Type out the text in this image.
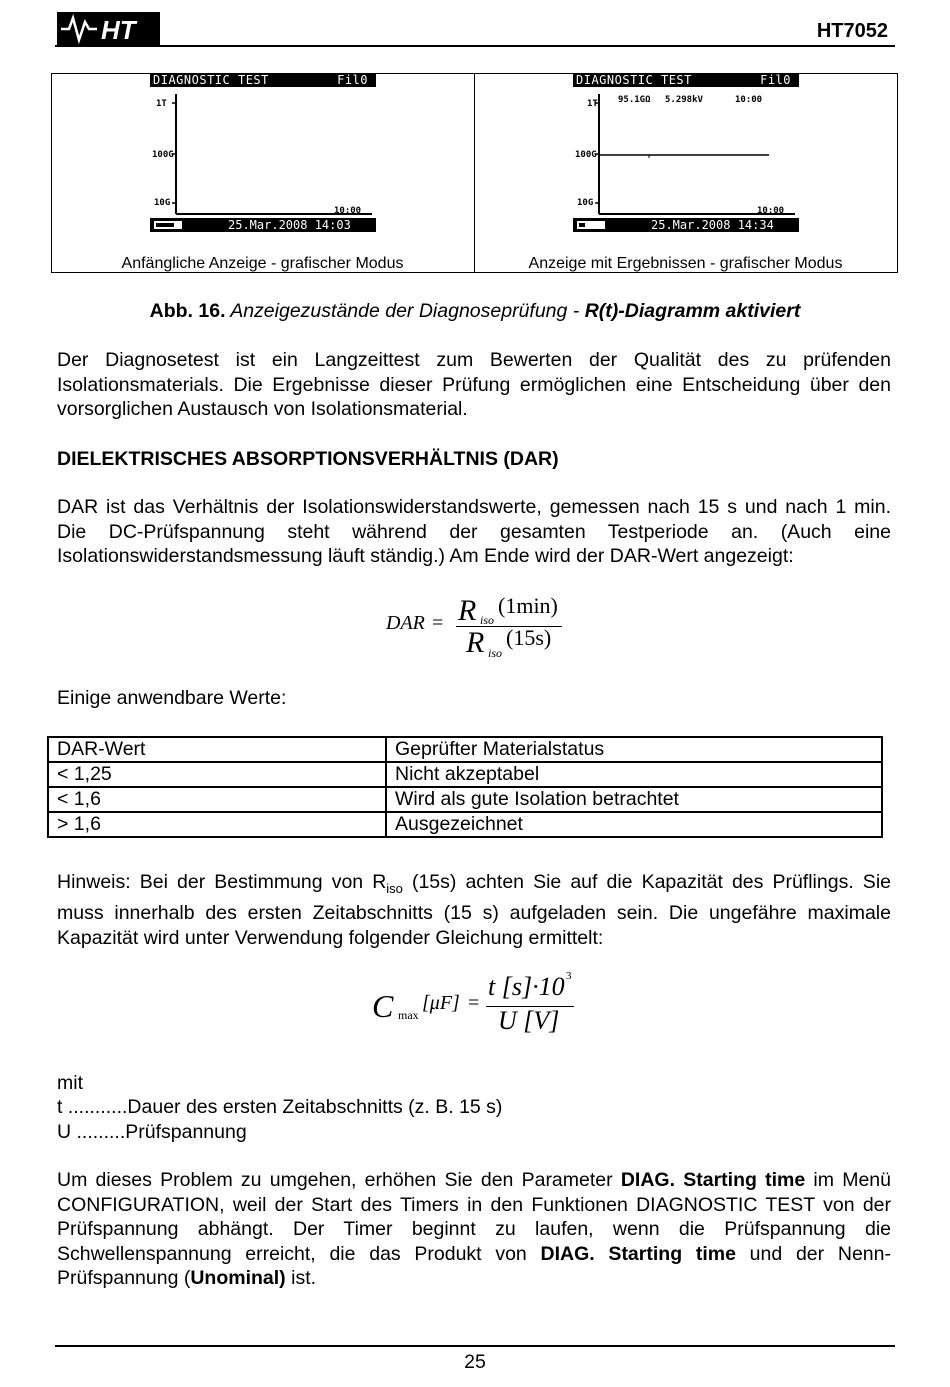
HT	HT7052
DIAGNOSTIC TEST	Fil0
1T
100G
10G
10:00
25.Mar.2008 14:03
Anfängliche Anzeige - grafischer Modus
DIAGNOSTIC TEST	Fil0
1T 95.1GΩ 5.298kV	10:00
100G
10G
10:00
25.Mar.2008 14:34
Anzeige mit Ergebnissen - grafischer Modus
Abb. 16. Anzeigezustände der Diagnoseprüfung - R(t)-Diagramm aktiviert
Der Diagnosetest ist ein Langzeittest zum Bewerten der Qualität des zu prüfenden Isolationsmaterials. Die Ergebnisse dieser Prüfung ermöglichen eine Entscheidung über den vorsorglichen Austausch von Isolationsmaterial.
DIELEKTRISCHES ABSORPTIONSVERHÄLTNIS (DAR)
DAR ist das Verhältnis der Isolationswiderstandswerte, gemessen nach 15 s und nach 1 min. Die DC-Prüfspannung steht während der gesamten Testperiode an. (Auch eine Isolationswiderstandsmessung läuft ständig.) Am Ende wird der DAR-Wert angezeigt:
DAR = R iso
(1min)
R iso
(15s)
Einige anwendbare Werte:
DAR-Wert	Geprüfter Materialstatus
< 1,25	Nicht akzeptabel
< 1,6	Wird als gute Isolation betrachtet
> 1,6	Ausgezeichnet
Hinweis: Bei der Bestimmung von $R_{iso}$ (15s) achten Sie auf die Kapazität des Prüflings. Sie muss innerhalb des ersten Zeitabschnitts (15 s) aufgeladen sein. Die ungefähre maximale Kapazität wird unter Verwendung folgender Gleichung ermittelt:
C max
[μF] =
t [s]·10 3
U [V]
mit
t ...........Dauer des ersten Zeitabschnitts (z. B. 15 s)
U .........Prüfspannung
Um dieses Problem zu umgehen, erhöhen Sie den Parameter DIAG. Starting time im Menü CONFIGURATION, weil der Start des Timers in den Funktionen DIAGNOSTIC TEST von der Prüfspannung abhängt. Der Timer beginnt zu laufen, wenn die Prüfspannung die Schwellenspannung erreicht, die das Produkt von DIAG. Starting time und der Nenn-Prüfspannung (Unominal) ist.
25
